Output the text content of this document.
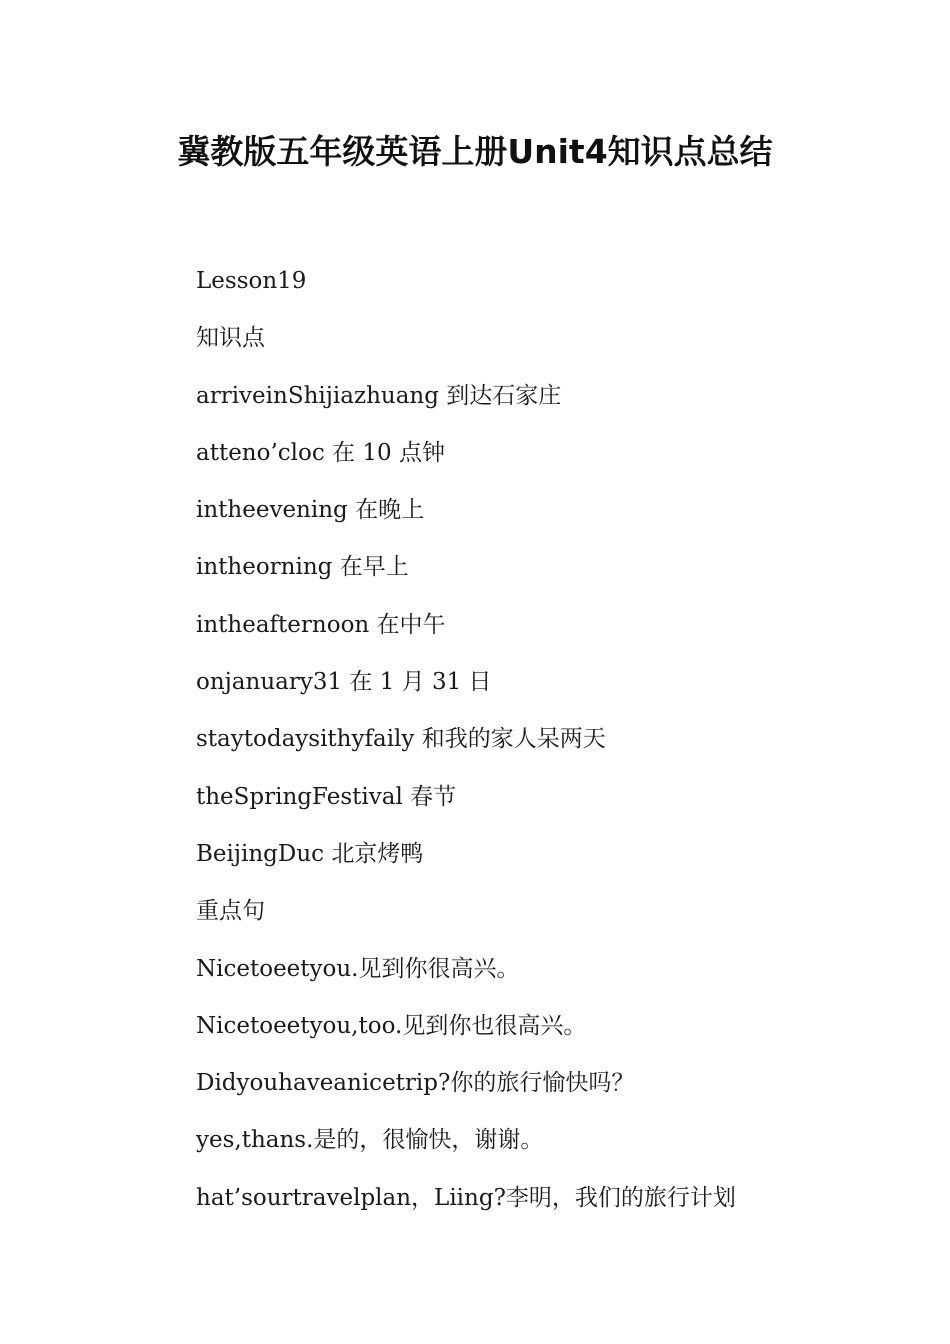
冀教版五年级英语上册Unit4知识点总结
Lesson19
知识点
arriveinShijiazhuang 到达石家庄
atteno’cloc 在 10 点钟
intheevening 在晚上
intheorning 在早上
intheafternoon 在中午
onjanuary31 在 1 月 31 日
staytodaysithyfaily 和我的家人呆两天
theSpringFestival 春节
BeijingDuc 北京烤鸭
重点句
Nicetoeetyou.见到你很高兴。
Nicetoeetyou,too.见到你也很高兴。
Didyouhaveanicetrip?你的旅行愉快吗？
yes,thans.是的，很愉快，谢谢。
hat’sourtravelplan，Liing?李明，我们的旅行计划
